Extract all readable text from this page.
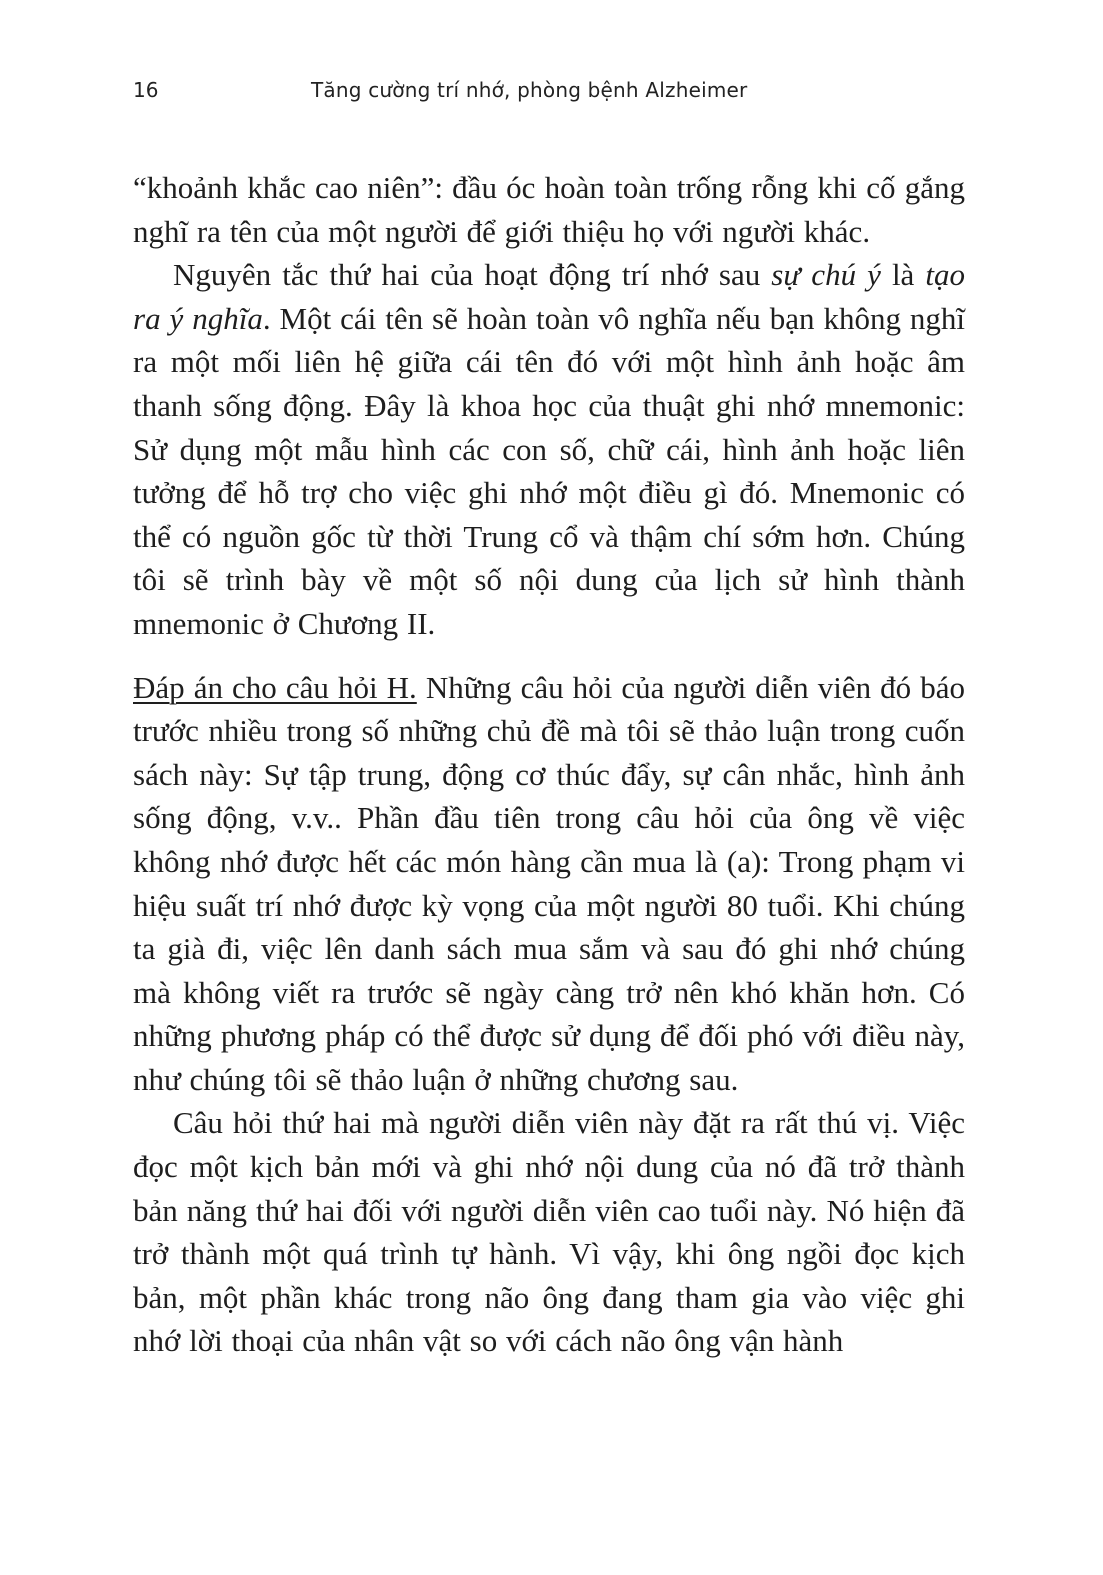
16	Tăng cường trí nhớ, phòng bệnh Alzheimer

“khoảnh khắc cao niên”: đầu óc hoàn toàn trống rỗng khi cố gắng nghĩ ra tên của một người để giới thiệu họ với người khác.

Nguyên tắc thứ hai của hoạt động trí nhớ sau sự chú ý là tạo ra ý nghĩa. Một cái tên sẽ hoàn toàn vô nghĩa nếu bạn không nghĩ ra một mối liên hệ giữa cái tên đó với một hình ảnh hoặc âm thanh sống động. Đây là khoa học của thuật ghi nhớ mnemonic: Sử dụng một mẫu hình các con số, chữ cái, hình ảnh hoặc liên tưởng để hỗ trợ cho việc ghi nhớ một điều gì đó. Mnemonic có thể có nguồn gốc từ thời Trung cổ và thậm chí sớm hơn. Chúng tôi sẽ trình bày về một số nội dung của lịch sử hình thành mnemonic ở Chương II.

Đáp án cho câu hỏi H. Những câu hỏi của người diễn viên đó báo trước nhiều trong số những chủ đề mà tôi sẽ thảo luận trong cuốn sách này: Sự tập trung, động cơ thúc đẩy, sự cân nhắc, hình ảnh sống động, v.v.. Phần đầu tiên trong câu hỏi của ông về việc không nhớ được hết các món hàng cần mua là (a): Trong phạm vi hiệu suất trí nhớ được kỳ vọng của một người 80 tuổi. Khi chúng ta già đi, việc lên danh sách mua sắm và sau đó ghi nhớ chúng mà không viết ra trước sẽ ngày càng trở nên khó khăn hơn. Có những phương pháp có thể được sử dụng để đối phó với điều này, như chúng tôi sẽ thảo luận ở những chương sau.

Câu hỏi thứ hai mà người diễn viên này đặt ra rất thú vị. Việc đọc một kịch bản mới và ghi nhớ nội dung của nó đã trở thành bản năng thứ hai đối với người diễn viên cao tuổi này. Nó hiện đã trở thành một quá trình tự hành. Vì vậy, khi ông ngồi đọc kịch bản, một phần khác trong não ông đang tham gia vào việc ghi nhớ lời thoại của nhân vật so với cách não ông vận hành
